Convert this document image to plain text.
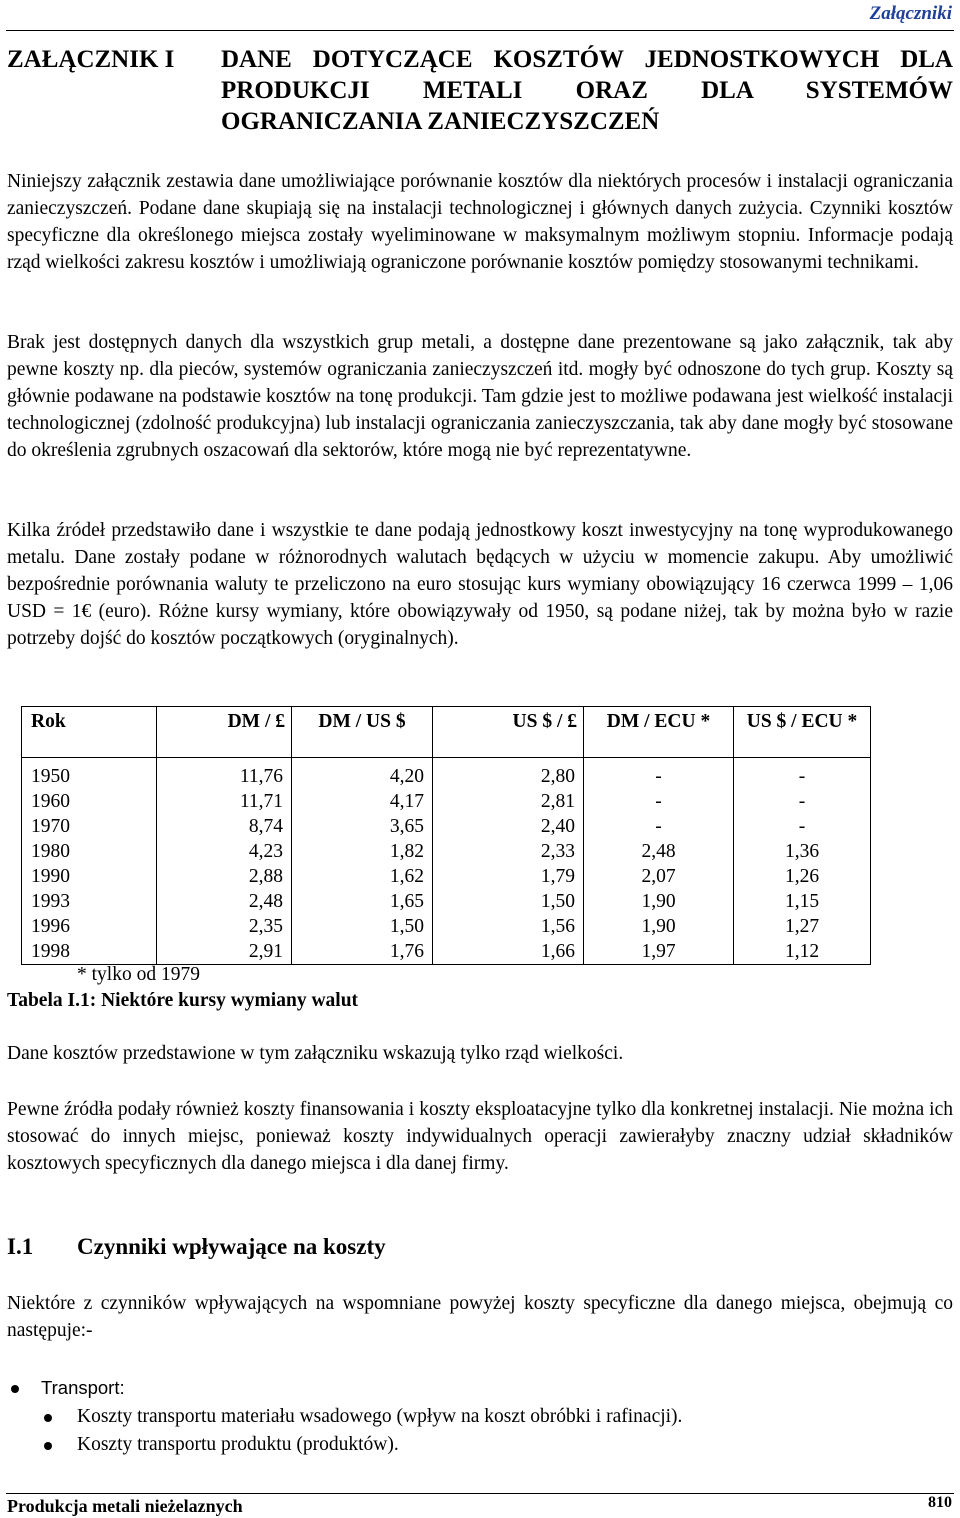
Załączniki
ZAŁĄCZNIK I DANE DOTYCZĄCE KOSZTÓW JEDNOSTKOWYCH DLA PRODUKCJI METALI ORAZ DLA SYSTEMÓW OGRANICZANIA ZANIECZYSZCZEŃ

Niniejszy załącznik zestawia dane umożliwiające porównanie kosztów dla niektórych procesów i instalacji ograniczania zanieczyszczeń. Podane dane skupiają się na instalacji technologicznej i głównych danych zużycia. Czynniki kosztów specyficzne dla określonego miejsca zostały wyeliminowane w maksymalnym możliwym stopniu. Informacje podają rząd wielkości zakresu kosztów i umożliwiają ograniczone porównanie kosztów pomiędzy stosowanymi technikami.

Brak jest dostępnych danych dla wszystkich grup metali, a dostępne dane prezentowane są jako załącznik, tak aby pewne koszty np. dla pieców, systemów ograniczania zanieczyszczeń itd. mogły być odnoszone do tych grup. Koszty są głównie podawane na podstawie kosztów na tonę produkcji. Tam gdzie jest to możliwe podawana jest wielkość instalacji technologicznej (zdolność produkcyjna) lub instalacji ograniczania zanieczyszczania, tak aby dane mogły być stosowane do określenia zgrubnych oszacowań dla sektorów, które mogą nie być reprezentatywne.

Kilka źródeł przedstawiło dane i wszystkie te dane podają jednostkowy koszt inwestycyjny na tonę wyprodukowanego metalu. Dane zostały podane w różnorodnych walutach będących w użyciu w momencie zakupu. Aby umożliwić bezpośrednie porównania waluty te przeliczono na euro stosując kurs wymiany obowiązujący 16 czerwca 1999 – 1,06 USD = 1€ (euro). Różne kursy wymiany, które obowiązywały od 1950, są podane niżej, tak by można było w razie potrzeby dojść do kosztów początkowych (oryginalnych).

Rok	DM / £	DM / US $	US $ / £	DM / ECU *	US $ / ECU *
1950	11,76	4,20	2,80	-	-
1960	11,71	4,17	2,81	-	-
1970	8,74	3,65	2,40	-	-
1980	4,23	1,82	2,33	2,48	1,36
1990	2,88	1,62	1,79	2,07	1,26
1993	2,48	1,65	1,50	1,90	1,15
1996	2,35	1,50	1,56	1,90	1,27
1998	2,91	1,76	1,66	1,97	1,12
* tylko od 1979
Tabela I.1: Niektóre kursy wymiany walut

Dane kosztów przedstawione w tym załączniku wskazują tylko rząd wielkości.

Pewne źródła podały również koszty finansowania i koszty eksploatacyjne tylko dla konkretnej instalacji. Nie można ich stosować do innych miejsc, ponieważ koszty indywidualnych operacji zawierałyby znaczny udział składników kosztowych specyficznych dla danego miejsca i dla danej firmy.

I.1 Czynniki wpływające na koszty

Niektóre z czynników wpływających na wspomniane powyżej koszty specyficzne dla danego miejsca, obejmują co następuje:-

Transport:
Koszty transportu materiału wsadowego (wpływ na koszt obróbki i rafinacji).
Koszty transportu produktu (produktów).
Produkcja metali nieżelaznych	810
